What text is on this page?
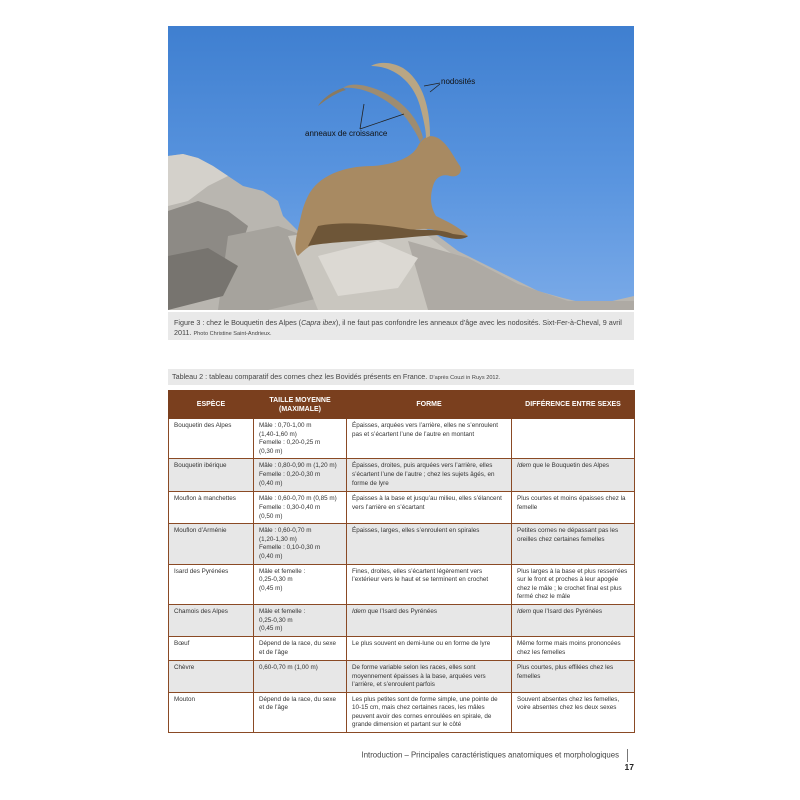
nodosités
anneaux de croissance
Figure 3 : chez le Bouquetin des Alpes (Capra ibex), il ne faut pas confondre les anneaux d’âge avec les nodosités. Sixt-Fer-à-Cheval, 9 avril 2011. Photo Christine Saint-Andrieux.
Tableau 2 : tableau comparatif des cornes chez les Bovidés présents en France. D’après Couzi in Ruys 2012.
ESPÈCE	TAILLE MOYENNE (MAXIMALE)	FORME	DIFFÉRENCE ENTRE SEXES
Bouquetin des Alpes	Mâle : 0,70-1,00 m
(1,40-1,60 m)
Femelle : 0,20-0,25 m
(0,30 m)	Épaisses, arquées vers l’arrière, elles ne s’enroulent pas et s’écartent l’une de l’autre en montant	
Bouquetin ibérique	Mâle : 0,80-0,90 m (1,20 m)
Femelle : 0,20-0,30 m
(0,40 m)	Épaisses, droites, puis arquées vers l’arrière, elles s’écartent l’une de l’autre ; chez les sujets âgés, en forme de lyre	Idem que le Bouquetin des Alpes
Mouflon à manchettes	Mâle : 0,60-0,70 m (0,85 m)
Femelle : 0,30-0,40 m
(0,50 m)	Épaisses à la base et jusqu’au milieu, elles s’élancent vers l’arrière en s’écartant	Plus courtes et moins épaisses chez la femelle
Mouflon d’Arménie	Mâle : 0,60-0,70 m
(1,20-1,30 m)
Femelle : 0,10-0,30 m
(0,40 m)	Épaisses, larges, elles s’enroulent en spirales	Petites cornes ne dépassant pas les oreilles chez certaines femelles
Isard des Pyrénées	Mâle et femelle :
0,25-0,30 m
(0,45 m)	Fines, droites, elles s’écartent légèrement vers l’extérieur vers le haut et se terminent en crochet	Plus larges à la base et plus resserrées sur le front et proches à leur apogée chez le mâle ; le crochet final est plus fermé chez le mâle
Chamois des Alpes	Mâle et femelle :
0,25-0,30 m
(0,45 m)	Idem que l’Isard des Pyrénées	Idem que l’Isard des Pyrénées
Bœuf	Dépend de la race, du sexe et de l’âge	Le plus souvent en demi-lune ou en forme de lyre	Même forme mais moins prononcées chez les femelles
Chèvre	0,60-0,70 m (1,00 m)	De forme variable selon les races, elles sont moyennement épaisses à la base, arquées vers l’arrière, et s’enroulent parfois	Plus courtes, plus effilées chez les femelles
Mouton	Dépend de la race, du sexe et de l’âge	Les plus petites sont de forme simple, une pointe de 10-15 cm, mais chez certaines races, les mâles peuvent avoir des cornes enroulées en spirale, de grande dimension et partant sur le côté	Souvent absentes chez les femelles, voire absentes chez les deux sexes
Introduction – Principales caractéristiques anatomiques et morphologiques17
